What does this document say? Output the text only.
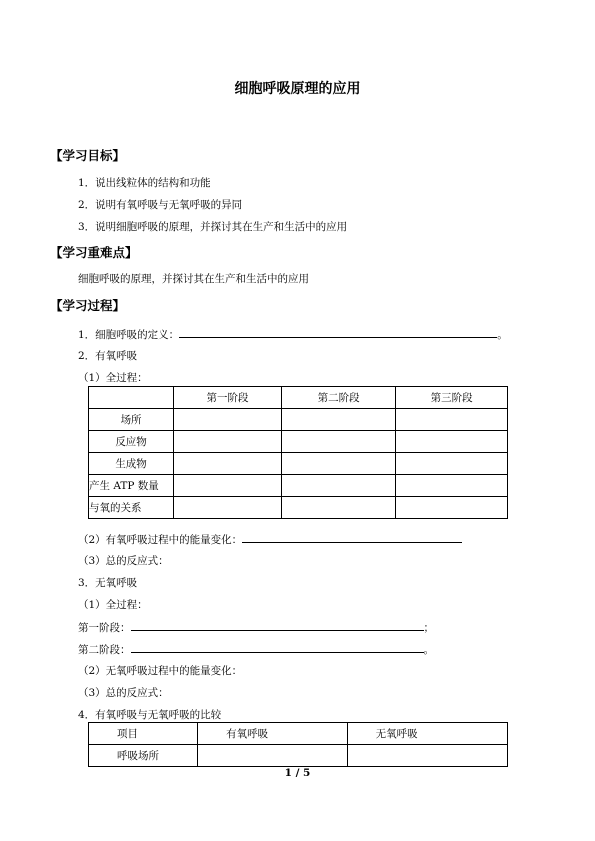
细胞呼吸原理的应用
【学习目标】
1．说出线粒体的结构和功能
2．说明有氧呼吸与无氧呼吸的异同
3．说明细胞呼吸的原理，并探讨其在生产和生活中的应用
【学习重难点】
细胞呼吸的原理，并探讨其在生产和生活中的应用
【学习过程】
1．细胞呼吸的定义：	。
2．有氧呼吸
（1）全过程：
	第一阶段	第二阶段	第三阶段
场所			
反应物			
生成物			
产生 ATP 数量			
与氧的关系			
（2）有氧呼吸过程中的能量变化：
（3）总的反应式：
3．无氧呼吸
（1）全过程：
第一阶段：	；
第二阶段：	。
（2）无氧呼吸过程中的能量变化：
（3）总的反应式：
4．有氧呼吸与无氧呼吸的比较
项目	有氧呼吸	无氧呼吸
呼吸场所		
1 / 5
